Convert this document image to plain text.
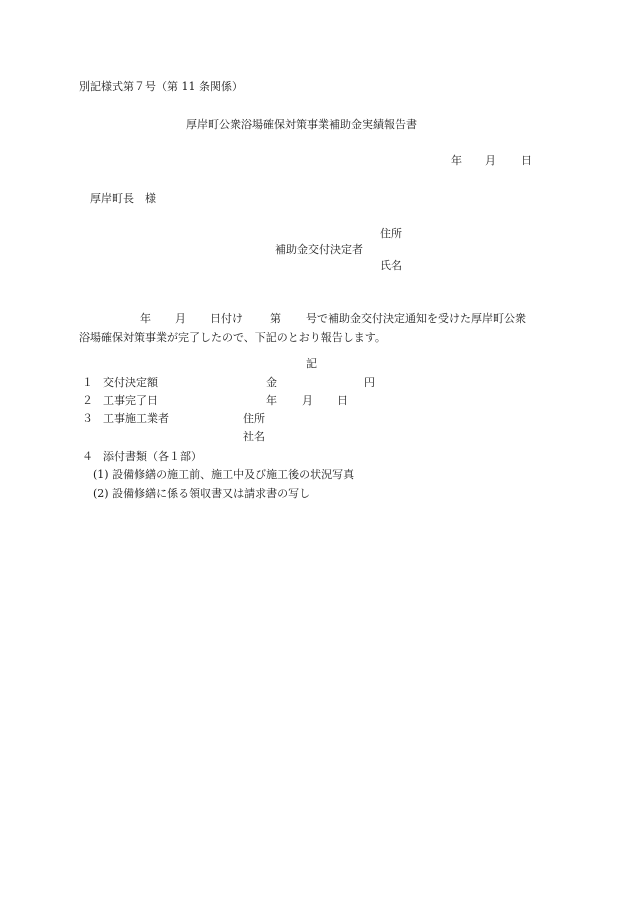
別記様式第７号（第 11 条関係）
厚岸町公衆浴場確保対策事業補助金実績報告書
年 月 日
厚岸町長　様
住所
補助金交付決定者
氏名
年 月 日付け 第 号で補助金交付決定通知を受けた厚岸町公衆
浴場確保対策事業が完了したので、下記のとおり報告します。
記
１ 交付決定額	金	円
２ 工事完了日	年 月 日
３ 工事施工業者	住所
社名
４ 添付書類（各１部）
(1) 設備修繕の施工前、施工中及び施工後の状況写真
(2) 設備修繕に係る領収書又は請求書の写し
